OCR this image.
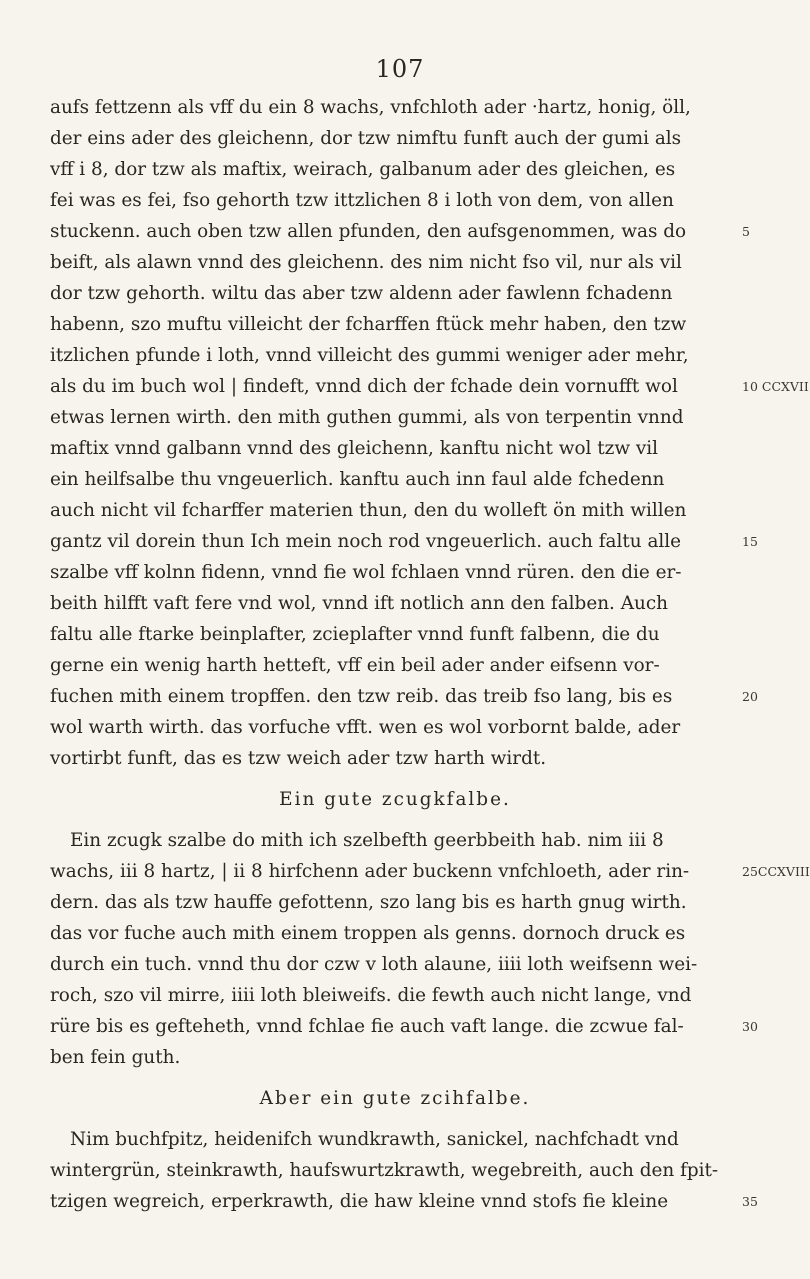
107
aufs fettzenn als vff du ein 8 wachs, vnfchloth ader ·hartz, honig, öll,
der eins ader des gleichenn, dor tzw nimftu funft auch der gumi als
vff i 8, dor tzw als maftix, weirach, galbanum ader des gleichen, es
fei was es fei, fso gehorth tzw ittzlichen 8 i loth von dem, von allen
stuckenn. auch oben tzw allen pfunden, den aufsgenommen, was do	5
beift, als alawn vnnd des gleichenn. des nim nicht fso vil, nur als vil
dor tzw gehorth. wiltu das aber tzw aldenn ader fawlenn fchadenn
habenn, szo muftu villeicht der fcharffen ftück mehr haben, den tzw
itzlichen pfunde i loth, vnnd villeicht des gummi weniger ader mehr,
als du im buch wol | findeft, vnnd dich der fchade dein vornufft wol	10 CCXVII
etwas lernen wirth. den mith guthen gummi, als von terpentin vnnd
maftix vnnd galbann vnnd des gleichenn, kanftu nicht wol tzw vil
ein heilfsalbe thu vngeuerlich. kanftu auch inn faul alde fchedenn
auch nicht vil fcharffer materien thun, den du wolleft ön mith willen
gantz vil dorein thun Ich mein noch rod vngeuerlich. auch faltu alle	15
szalbe vff kolnn fidenn, vnnd fie wol fchlaen vnnd rüren. den die er-
beith hilfft vaft fere vnd wol, vnnd ift notlich ann den falben. Auch
faltu alle ftarke beinplafter, zcieplafter vnnd funft falbenn, die du
gerne ein wenig harth hetteft, vff ein beil ader ander eifsenn vor-
fuchen mith einem tropffen. den tzw reib. das treib fso lang, bis es	20
wol warth wirth. das vorfuche vfft. wen es wol vorbornt balde, ader
vortirbt funft, das es tzw weich ader tzw harth wirdt.
Ein gute zcugkfalbe.
Ein zcugk szalbe do mith ich szelbefth geerbbeith hab. nim iii 8
wachs, iii 8 hartz, | ii 8 hirfchenn ader buckenn vnfchloeth, ader rin-	25CCXVIII
dern. das als tzw hauffe gefottenn, szo lang bis es harth gnug wirth.
das vor fuche auch mith einem troppen als genns. dornoch druck es
durch ein tuch. vnnd thu dor czw v loth alaune, iiii loth weifsenn wei-
roch, szo vil mirre, iiii loth bleiweifs. die fewth auch nicht lange, vnd
rüre bis es gefteheth, vnnd fchlae fie auch vaft lange. die zcwue fal-	30
ben fein guth.
Aber ein gute zcihfalbe.
Nim buchfpitz, heidenifch wundkrawth, sanickel, nachfchadt vnd
wintergrün, steinkrawth, haufswurtzkrawth, wegebreith, auch den fpit-
tzigen wegreich, erperkrawth, die haw kleine vnnd stofs fie kleine	35
